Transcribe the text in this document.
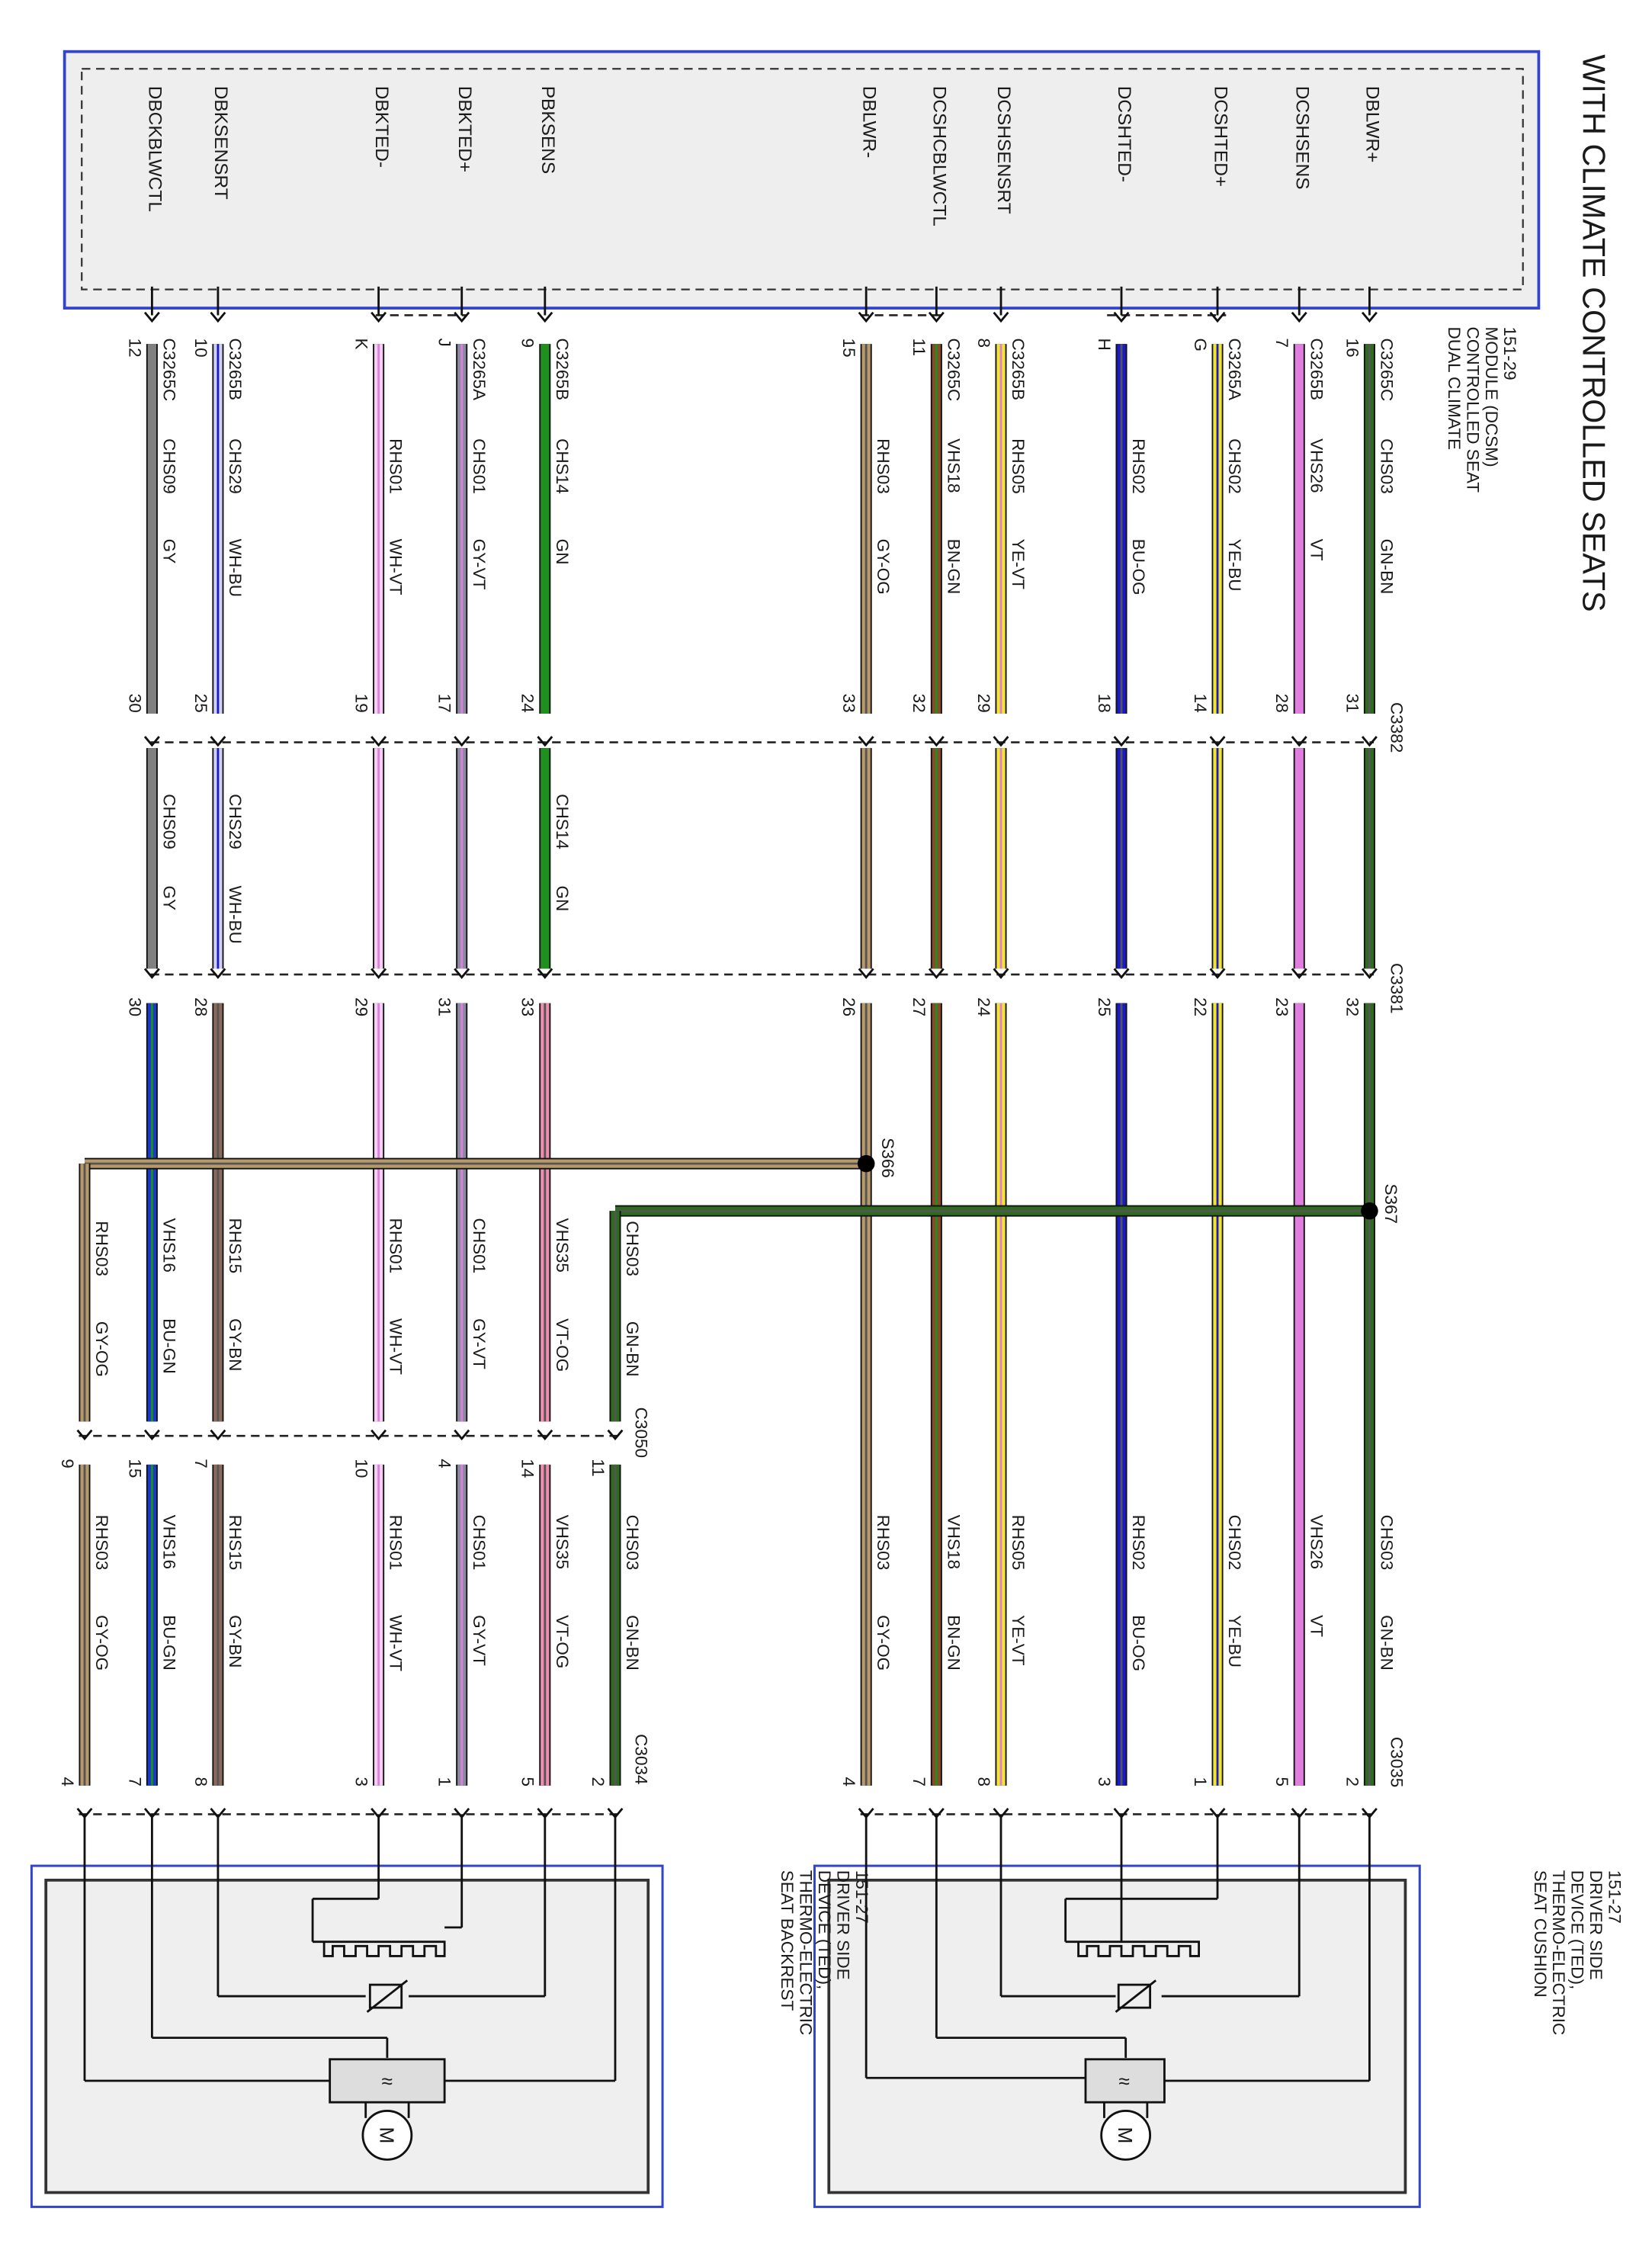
WITH CLIMATE CONTROLLED SEATS
DUAL CLIMATE CONTROLLED SEAT MODULE (DCSM) 151-29
C3382
C3381
C3050
C3035
C3034
DBLWR+
C3265C
16
CHS03
GN-BN
31
32
CHS03
GN-BN
2
DCSHSENS
C3265B
7
VHS26
VT
28
23
VHS26
VT
5
DCSHTED+
C3265A
G
CHS02
YE-BU
14
22
CHS02
YE-BU
1
DCSHTED-
H
RHS02
BU-OG
18
25
RHS02
BU-OG
3
DCSHSENSRT
C3265B
8
RHS05
YE-VT
29
24
RHS05
YE-VT
8
DCSHCBLWCTL
C3265C
11
VHS18
BN-GN
32
27
VHS18
BN-GN
7
DBLWR-
15
RHS03
GY-OG
33
26
RHS03
GY-OG
4
PBKSENS
C3265B
9
CHS14
GN
24
CHS14
GN
33
VHS35
VT-OG
14
VHS35
VT-OG
5
DBKTED+
C3265A
J
CHS01
GY-VT
17
31
CHS01
GY-VT
4
CHS01
GY-VT
1
DBKTED-
K
RHS01
WH-VT
19
29
RHS01
WH-VT
10
RHS01
WH-VT
3
DBKSENSRT
C3265B
10
CHS29
WH-BU
25
CHS29
WH-BU
28
RHS15
GY-BN
7
RHS15
GY-BN
8
DBCKBLWCTL
C3265C
12
CHS09
GY
30
CHS09
GY
30
VHS16
BU-GN
15
VHS16
BU-GN
7
CHS03
GN-BN
11
CHS03
GN-BN
2
RHS03
GY-OG
9
RHS03
GY-OG
4
S367
S366
≈
M
SEAT CUSHION THERMO-ELECTRIC DEVICE (TED), DRIVER SIDE 151-27
≈
M
SEAT BACKREST THERMO-ELECTRIC DEVICE (TED), DRIVER SIDE 151-27
